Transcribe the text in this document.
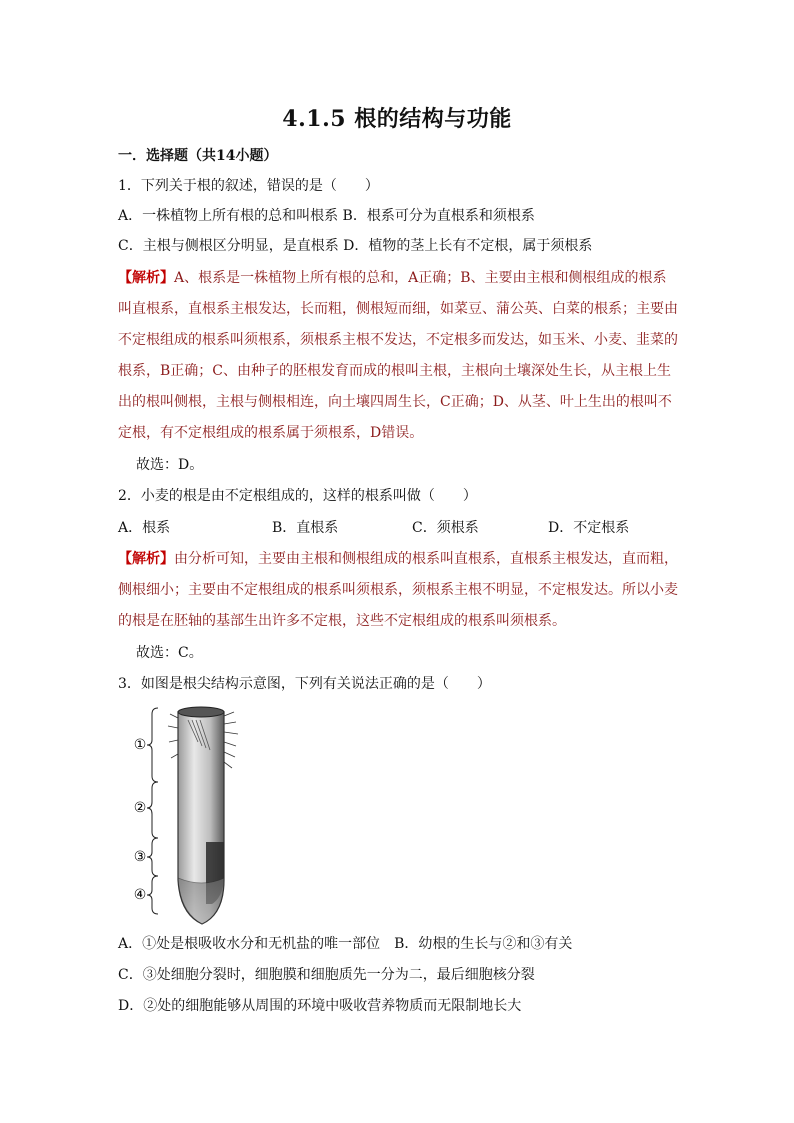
4.1.5 根的结构与功能
一．选择题（共14小题）
1．下列关于根的叙述，错误的是（　　）
A．一株植物上所有根的总和叫根系 B．根系可分为直根系和须根系
C．主根与侧根区分明显，是直根系 D．植物的茎上长有不定根，属于须根系
【解析】A、根系是一株植物上所有根的总和，A正确；B、主要由主根和侧根组成的根系
叫直根系，直根系主根发达，长而粗，侧根短而细，如菜豆、蒲公英、白菜的根系；主要由
不定根组成的根系叫须根系，须根系主根不发达，不定根多而发达，如玉米、小麦、韭菜的
根系，B正确；C、由种子的胚根发育而成的根叫主根，主根向土壤深处生长，从主根上生
出的根叫侧根，主根与侧根相连，向土壤四周生长，C正确；D、从茎、叶上生出的根叫不
定根，有不定根组成的根系属于须根系，D错误。
故选：D。
2．小麦的根是由不定根组成的，这样的根系叫做（　　）
A．根系	B．直根系	C．须根系	D．不定根系
【解析】由分析可知，主要由主根和侧根组成的根系叫直根系，直根系主根发达，直而粗，
侧根细小；主要由不定根组成的根系叫须根系，须根系主根不明显，不定根发达。所以小麦
的根是在胚轴的基部生出许多不定根，这些不定根组成的根系叫须根系。
故选：C。
3．如图是根尖结构示意图，下列有关说法正确的是（　　）
①
②
③
④
A．①处是根吸收水分和无机盐的唯一部位　B．幼根的生长与②和③有关
C．③处细胞分裂时，细胞膜和细胞质先一分为二，最后细胞核分裂
D．②处的细胞能够从周围的环境中吸收营养物质而无限制地长大
